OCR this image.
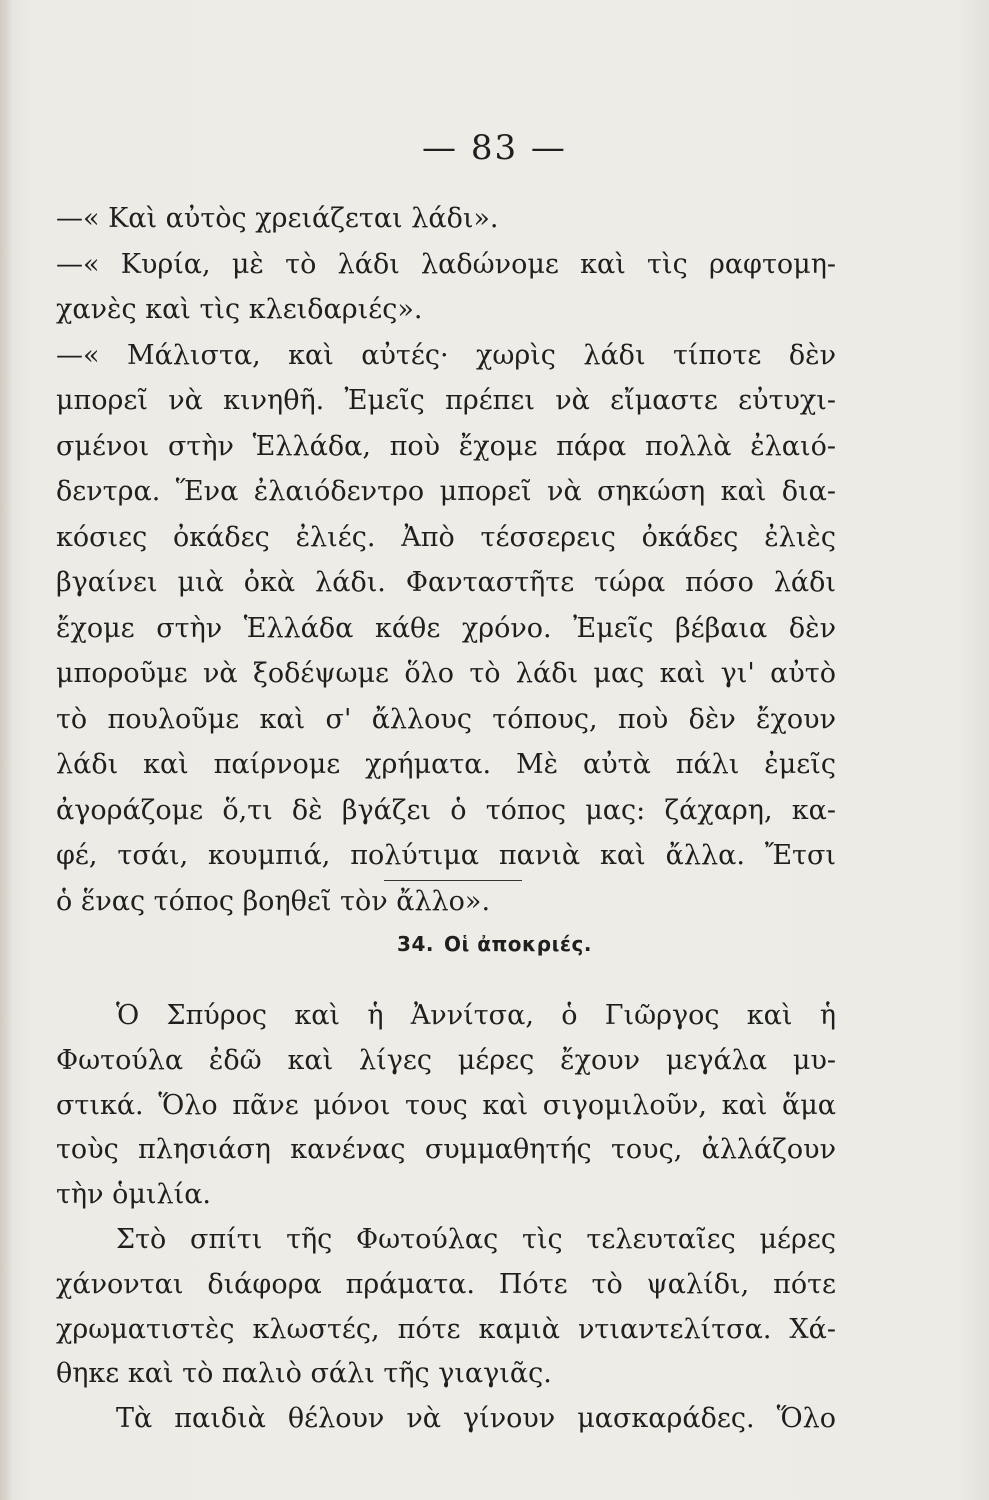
— 83 —
—« Καὶ αὐτὸς χρειάζεται λάδι».
—« Κυρία, μὲ τὸ λάδι λαδώνομε καὶ τὶς ραφτομη-
χανὲς καὶ τὶς κλειδαριές».
—« Μάλιστα, καὶ αὐτές· χωρὶς λάδι τίποτε δὲν
μπορεῖ νὰ κινηθῆ. Ἐμεῖς πρέπει νὰ εἴμαστε εὐτυχι-
σμένοι στὴν Ἑλλάδα, ποὺ ἔχομε πάρα πολλὰ ἐλαιό-
δεντρα. Ἕνα ἐλαιόδεντρο μπορεῖ νὰ σηκώση καὶ δια-
κόσιες ὀκάδες ἐλιές. Ἀπὸ τέσσερεις ὀκάδες ἐλιὲς
βγαίνει μιὰ ὀκὰ λάδι. Φανταστῆτε τώρα πόσο λάδι
ἔχομε στὴν Ἑλλάδα κάθε χρόνο. Ἐμεῖς βέβαια δὲν
μποροῦμε νὰ ξοδέψωμε ὅλο τὸ λάδι μας καὶ γι' αὐτὸ
τὸ πουλοῦμε καὶ σ' ἄλλους τόπους, ποὺ δὲν ἔχουν
λάδι καὶ παίρνομε χρήματα. Μὲ αὐτὰ πάλι ἐμεῖς
ἀγοράζομε ὅ,τι δὲ βγάζει ὁ τόπος μας: ζάχαρη, κα-
φέ, τσάι, κουμπιά, πολύτιμα πανιὰ καὶ ἄλλα. Ἔτσι
ὁ ἕνας τόπος βοηθεῖ τὸν ἄλλο».
34. Οἱ ἀποκριές.
Ὁ Σπύρος καὶ ἡ Ἀννίτσα, ὁ Γιῶργος καὶ ἡ
Φωτούλα ἐδῶ καὶ λίγες μέρες ἔχουν μεγάλα μυ-
στικά. Ὅλο πᾶνε μόνοι τους καὶ σιγομιλοῦν, καὶ ἅμα
τοὺς πλησιάση κανένας συμμαθητής τους, ἀλλάζουν
τὴν ὁμιλία.
Στὸ σπίτι τῆς Φωτούλας τὶς τελευταῖες μέρες
χάνονται διάφορα πράματα. Πότε τὸ ψαλίδι, πότε
χρωματιστὲς κλωστές, πότε καμιὰ ντιαντελίτσα. Χά-
θηκε καὶ τὸ παλιὸ σάλι τῆς γιαγιᾶς.
Τὰ παιδιὰ θέλουν νὰ γίνουν μασκαράδες. Ὅλο
